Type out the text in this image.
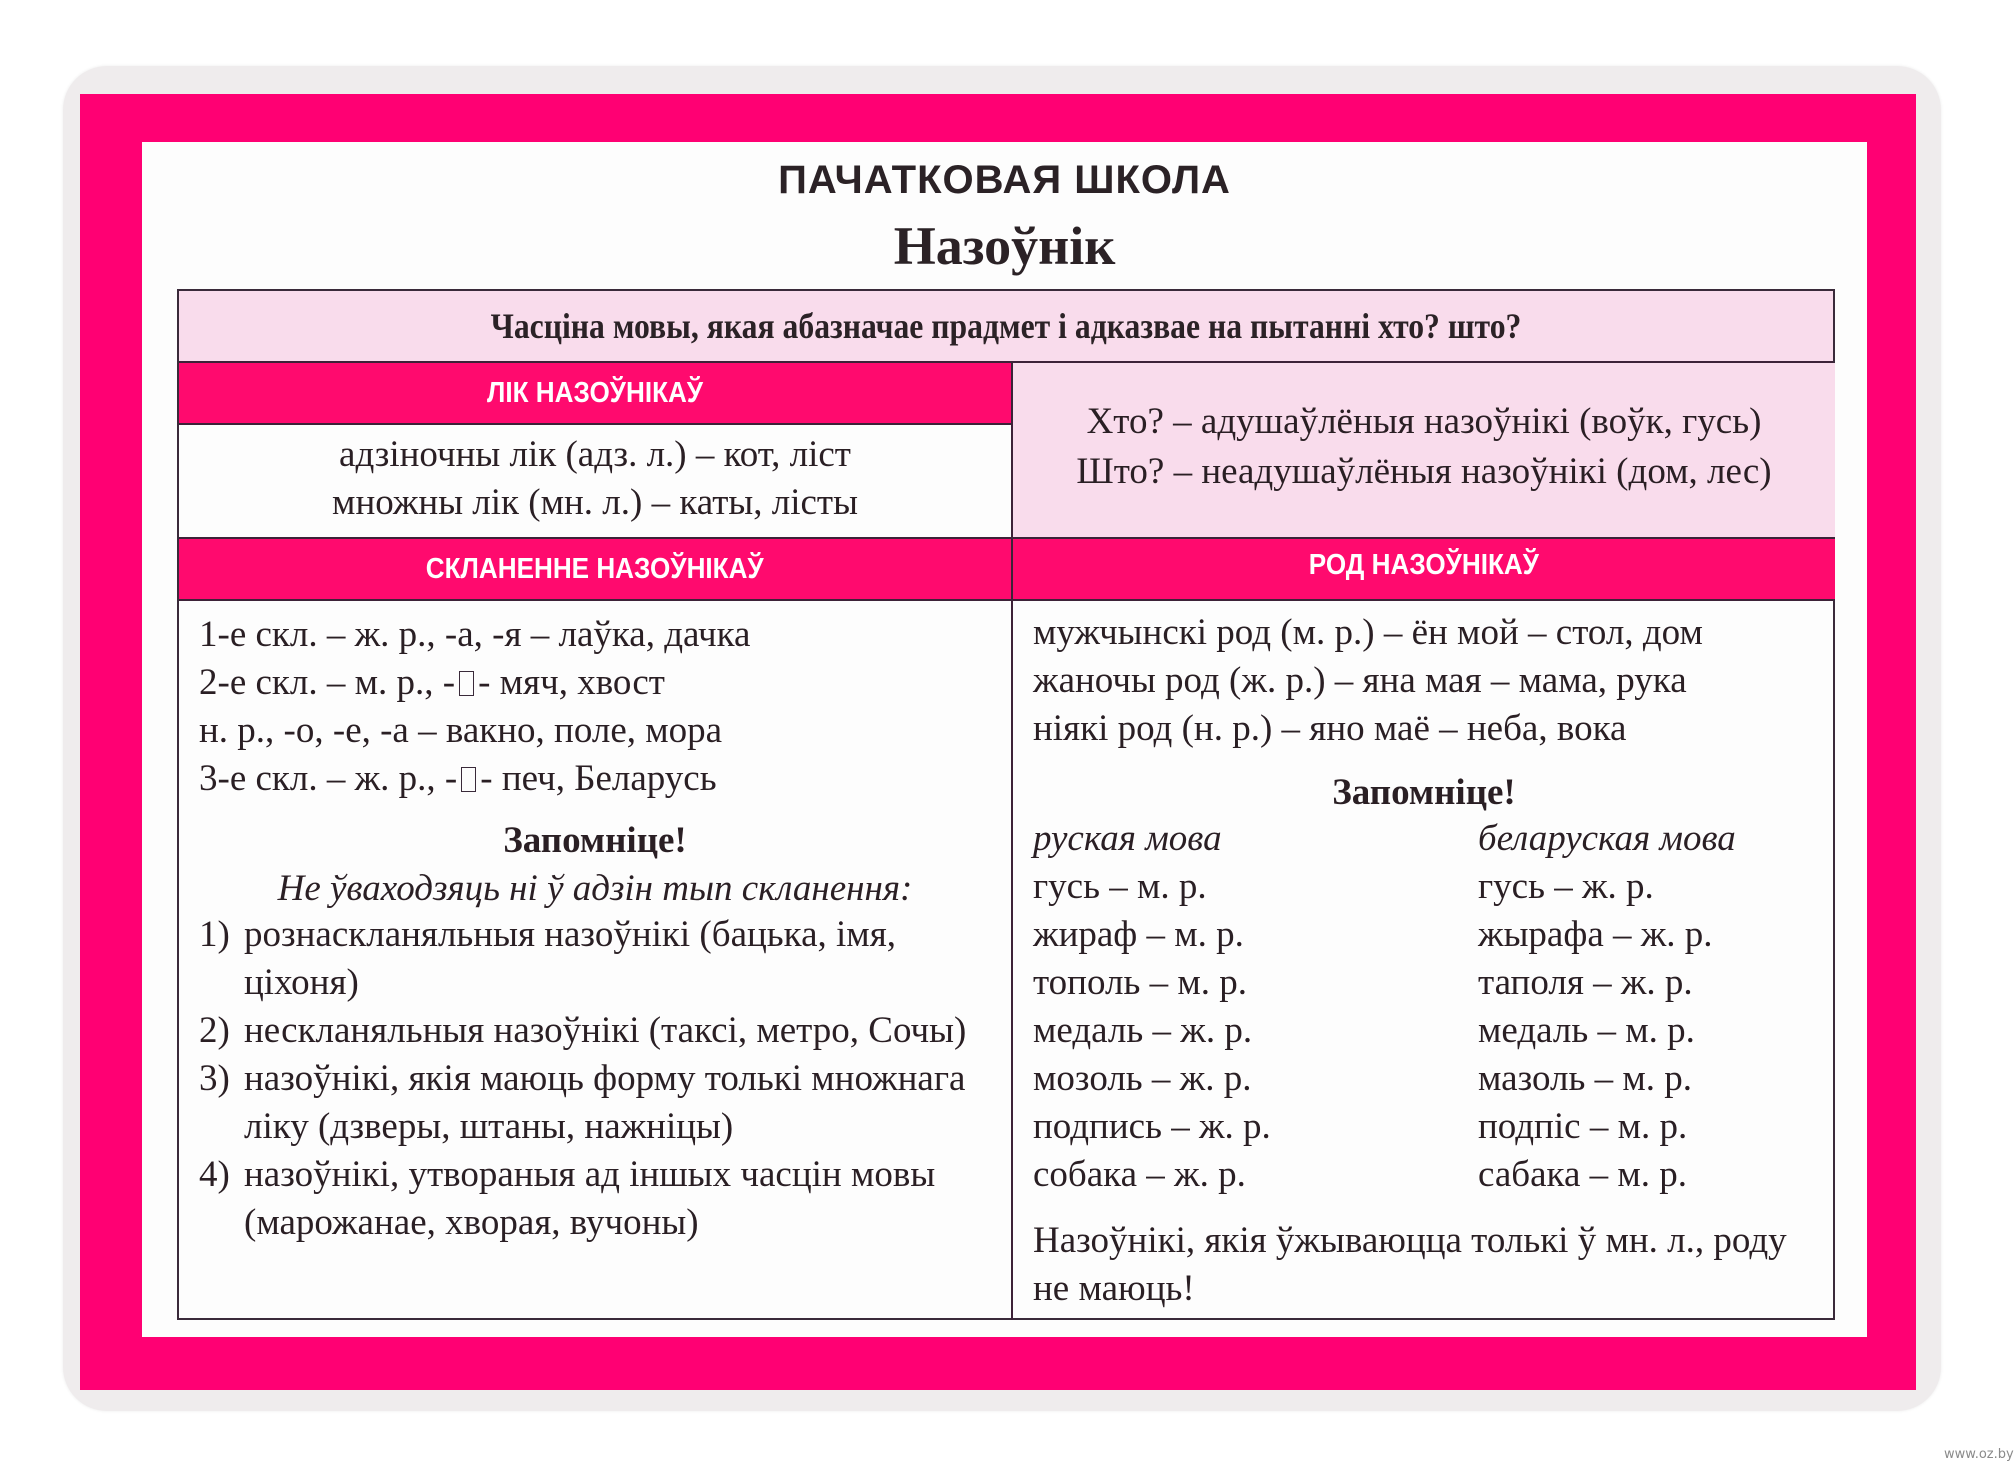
ПАЧАТКОВАЯ ШКОЛА
Назоўнік
Часціна мовы, якая абазначае прадмет і адказвае на пытанні хто? што?
ЛІК НАЗОЎНІКАЎ
адзіночны лік (адз. л.) – кот, ліст
множны лік (мн. л.) – каты, лісты
Хто? – адушаўлёныя назоўнікі (воўк, гусь)
Што? – неадушаўлёныя назоўнікі (дом, лес)
СКЛАНЕННЕ НАЗОЎНІКАЎ	РОД НАЗОЎНІКАЎ
1-е скл. – ж. р., -а, -я – лаўка, дачка
2-е скл. – м. р., - - мяч, хвост
н. р., -о, -е, -а – вакно, поле, мора
3-е скл. – ж. р., - - печ, Беларусь
Запомніце!
Не ўваходзяць ні ў адзін тып скланення:
1) рознаскланяльныя назоўнікі (бацька, імя, ціхоня)
2) нескланяльныя назоўнікі (таксі, метро, Сочы)
3) назоўнікі, якія маюць форму толькі множнага ліку (дзверы, штаны, нажніцы)
4) назоўнікі, утвораныя ад іншых часцін мовы (марожанае, хворая, вучоны)
мужчынскі род (м. р.) – ён мой – стол, дом
жаночы род (ж. р.) – яна мая – мама, рука
ніякі род (н. р.) – яно маё – неба, вока
Запомніце!
руская мова	беларуская мова
гусь – м. р.	гусь – ж. р.
жираф – м. р.	жырафа – ж. р.
тополь – м. р.	таполя – ж. р.
медаль – ж. р.	медаль – м. р.
мозоль – ж. р.	мазоль – м. р.
подпись – ж. р.	подпіс – м. р.
собака – ж. р.	сабака – м. р.
Назоўнікі, якія ўжываюцца толькі ў мн. л., роду не маюць!
www.oz.by
